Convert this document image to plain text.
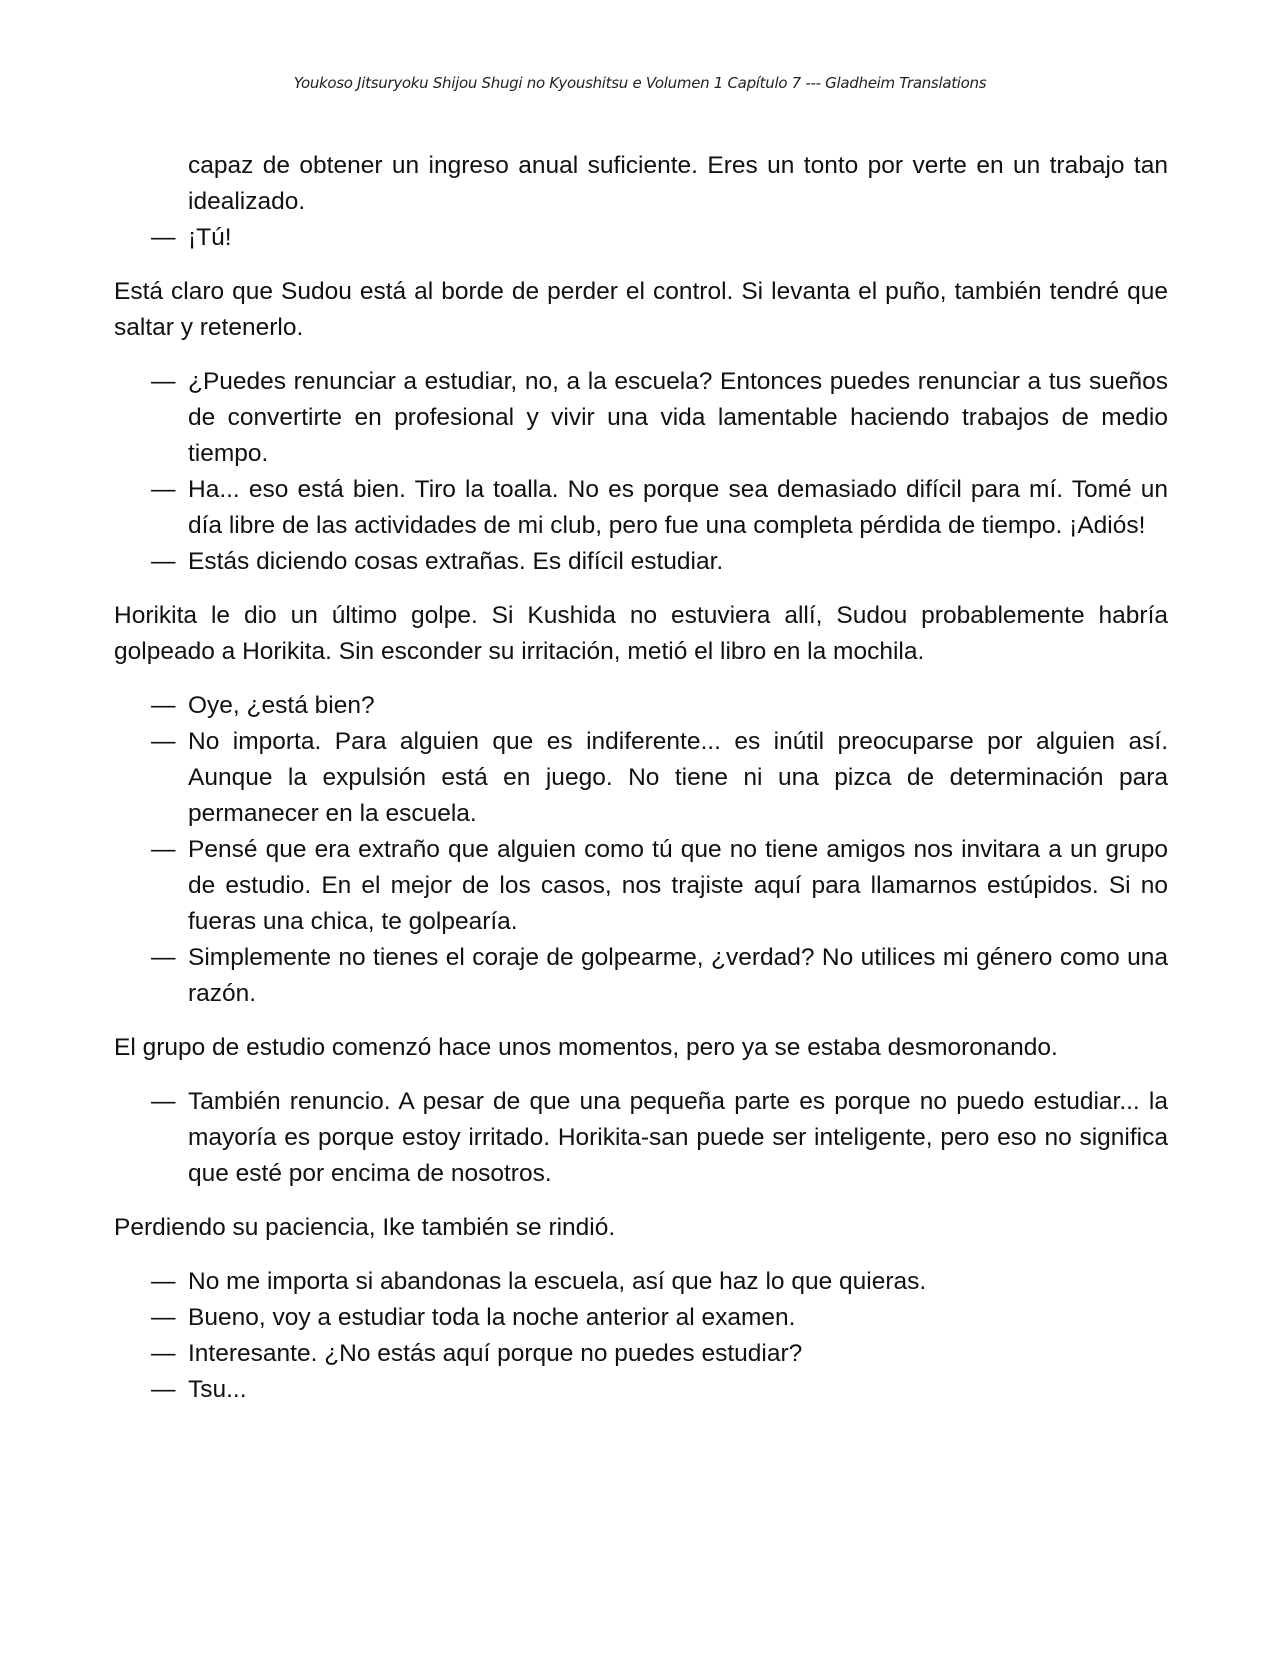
Youkoso Jitsuryoku Shijou Shugi no Kyoushitsu e Volumen 1 Capítulo 7 --- Gladheim Translations
capaz de obtener un ingreso anual suficiente. Eres un tonto por verte en un trabajo tan idealizado.
— ¡Tú!

Está claro que Sudou está al borde de perder el control. Si levanta el puño, también tendré que saltar y retenerlo.

— ¿Puedes renunciar a estudiar, no, a la escuela? Entonces puedes renunciar a tus sueños de convertirte en profesional y vivir una vida lamentable haciendo trabajos de medio tiempo.
— Ha... eso está bien. Tiro la toalla. No es porque sea demasiado difícil para mí. Tomé un día libre de las actividades de mi club, pero fue una completa pérdida de tiempo. ¡Adiós!
— Estás diciendo cosas extrañas. Es difícil estudiar.

Horikita le dio un último golpe. Si Kushida no estuviera allí, Sudou probablemente habría golpeado a Horikita. Sin esconder su irritación, metió el libro en la mochila.

— Oye, ¿está bien?
— No importa. Para alguien que es indiferente... es inútil preocuparse por alguien así. Aunque la expulsión está en juego. No tiene ni una pizca de determinación para permanecer en la escuela.
— Pensé que era extraño que alguien como tú que no tiene amigos nos invitara a un grupo de estudio. En el mejor de los casos, nos trajiste aquí para llamarnos estúpidos. Si no fueras una chica, te golpearía.
— Simplemente no tienes el coraje de golpearme, ¿verdad? No utilices mi género como una razón.

El grupo de estudio comenzó hace unos momentos, pero ya se estaba desmoronando.

— También renuncio. A pesar de que una pequeña parte es porque no puedo estudiar... la mayoría es porque estoy irritado. Horikita-san puede ser inteligente, pero eso no significa que esté por encima de nosotros.

Perdiendo su paciencia, Ike también se rindió.

— No me importa si abandonas la escuela, así que haz lo que quieras.
— Bueno, voy a estudiar toda la noche anterior al examen.
— Interesante. ¿No estás aquí porque no puedes estudiar?
— Tsu...
